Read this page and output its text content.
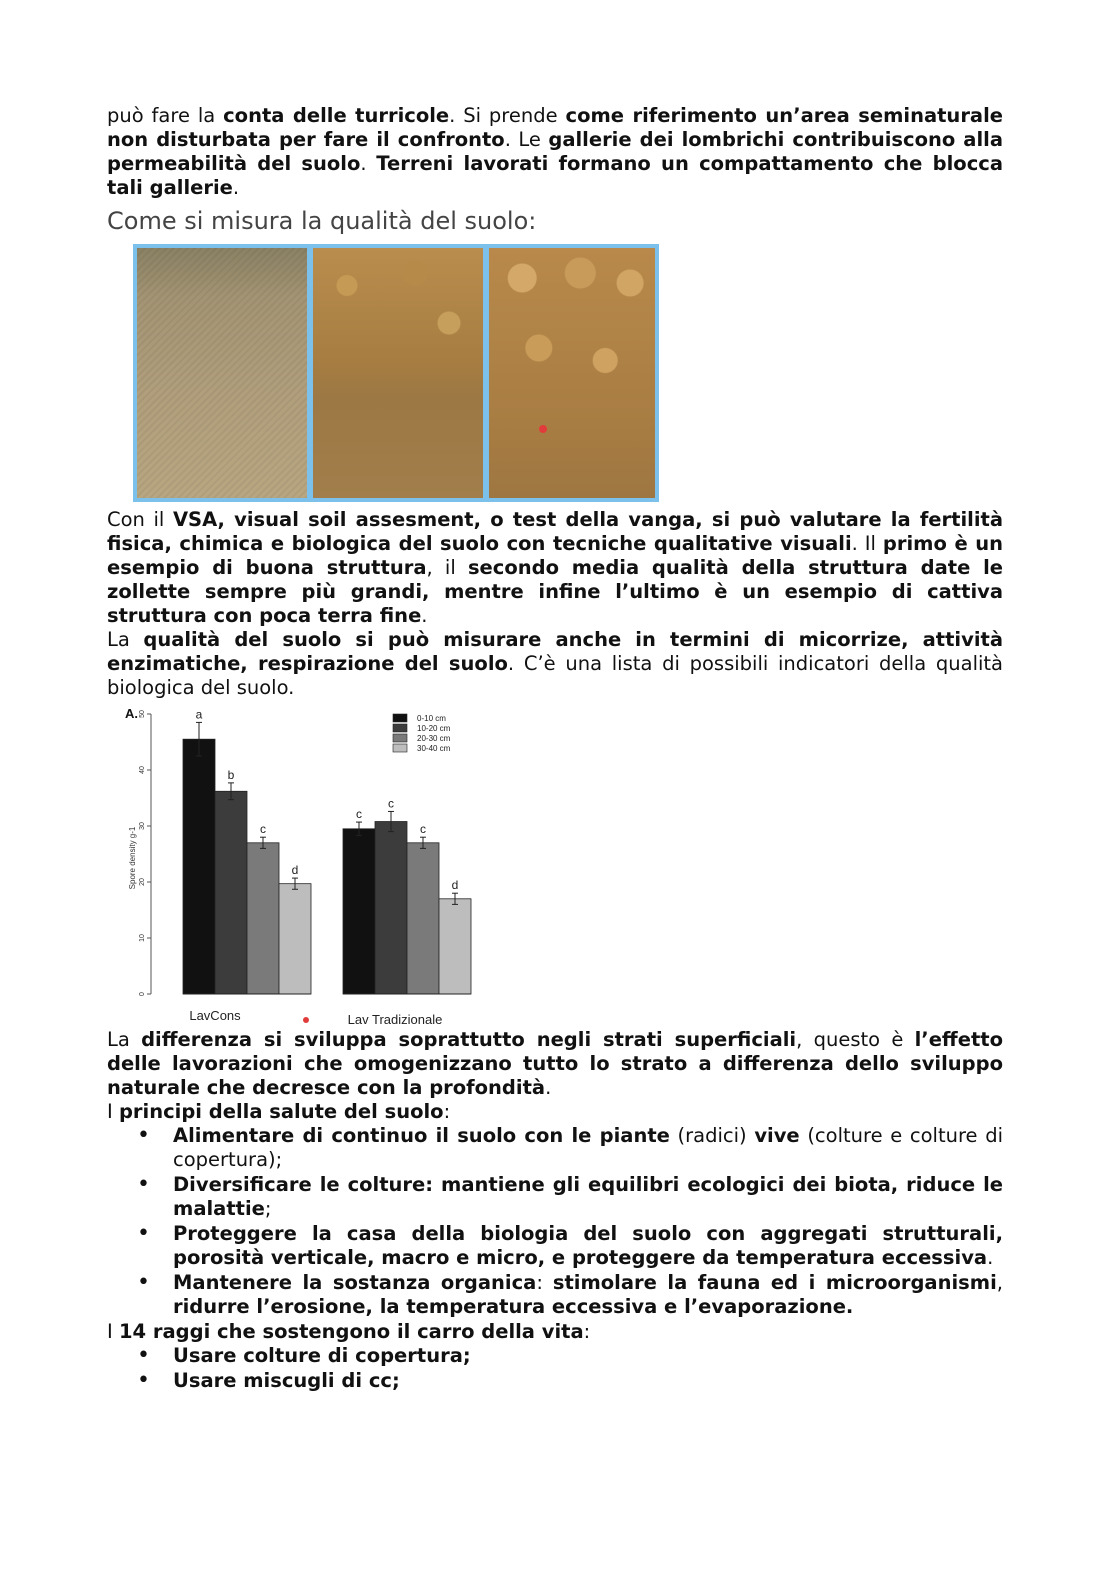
può fare la conta delle turricole. Si prende come riferimento un’area seminaturale non disturbata per fare il confronto. Le gallerie dei lombrichi contribuiscono alla permeabilità del suolo. Terreni lavorati formano un compattamento che blocca tali gallerie.

Come si misura la qualità del suolo:

Con il VSA, visual soil assesment, o test della vanga, si può valutare la fertilità fisica, chimica e biologica del suolo con tecniche qualitative visuali. Il primo è un esempio di buona struttura, il secondo media qualità della struttura date le zollette sempre più grandi, mentre infine l’ultimo è un esempio di cattiva struttura con poca terra fine.

La qualità del suolo si può misurare anche in termini di micorrize, attività enzimatiche, respirazione del suolo. C’è una lista di possibili indicatori della qualità biologica del suolo.

A.
0
10
20
30
40
50
Spore density g-1
a
b
c
d
c
c
c
d
0-10 cm
10-20 cm
20-30 cm
30-40 cm
LavCons	Lav Tradizionale

La differenza si sviluppa soprattutto negli strati superficiali, questo è l’effetto delle lavorazioni che omogenizzano tutto lo strato a differenza dello sviluppo naturale che decresce con la profondità.

I principi della salute del suolo:

• Alimentare di continuo il suolo con le piante (radici) vive (colture e colture di copertura);
• Diversificare le colture: mantiene gli equilibri ecologici dei biota, riduce le malattie;
• Proteggere la casa della biologia del suolo con aggregati strutturali, porosità verticale, macro e micro, e proteggere da temperatura eccessiva.
• Mantenere la sostanza organica: stimolare la fauna ed i microorganismi, ridurre l’erosione, la temperatura eccessiva e l’evaporazione.

I 14 raggi che sostengono il carro della vita:

• Usare colture di copertura;
• Usare miscugli di cc;
